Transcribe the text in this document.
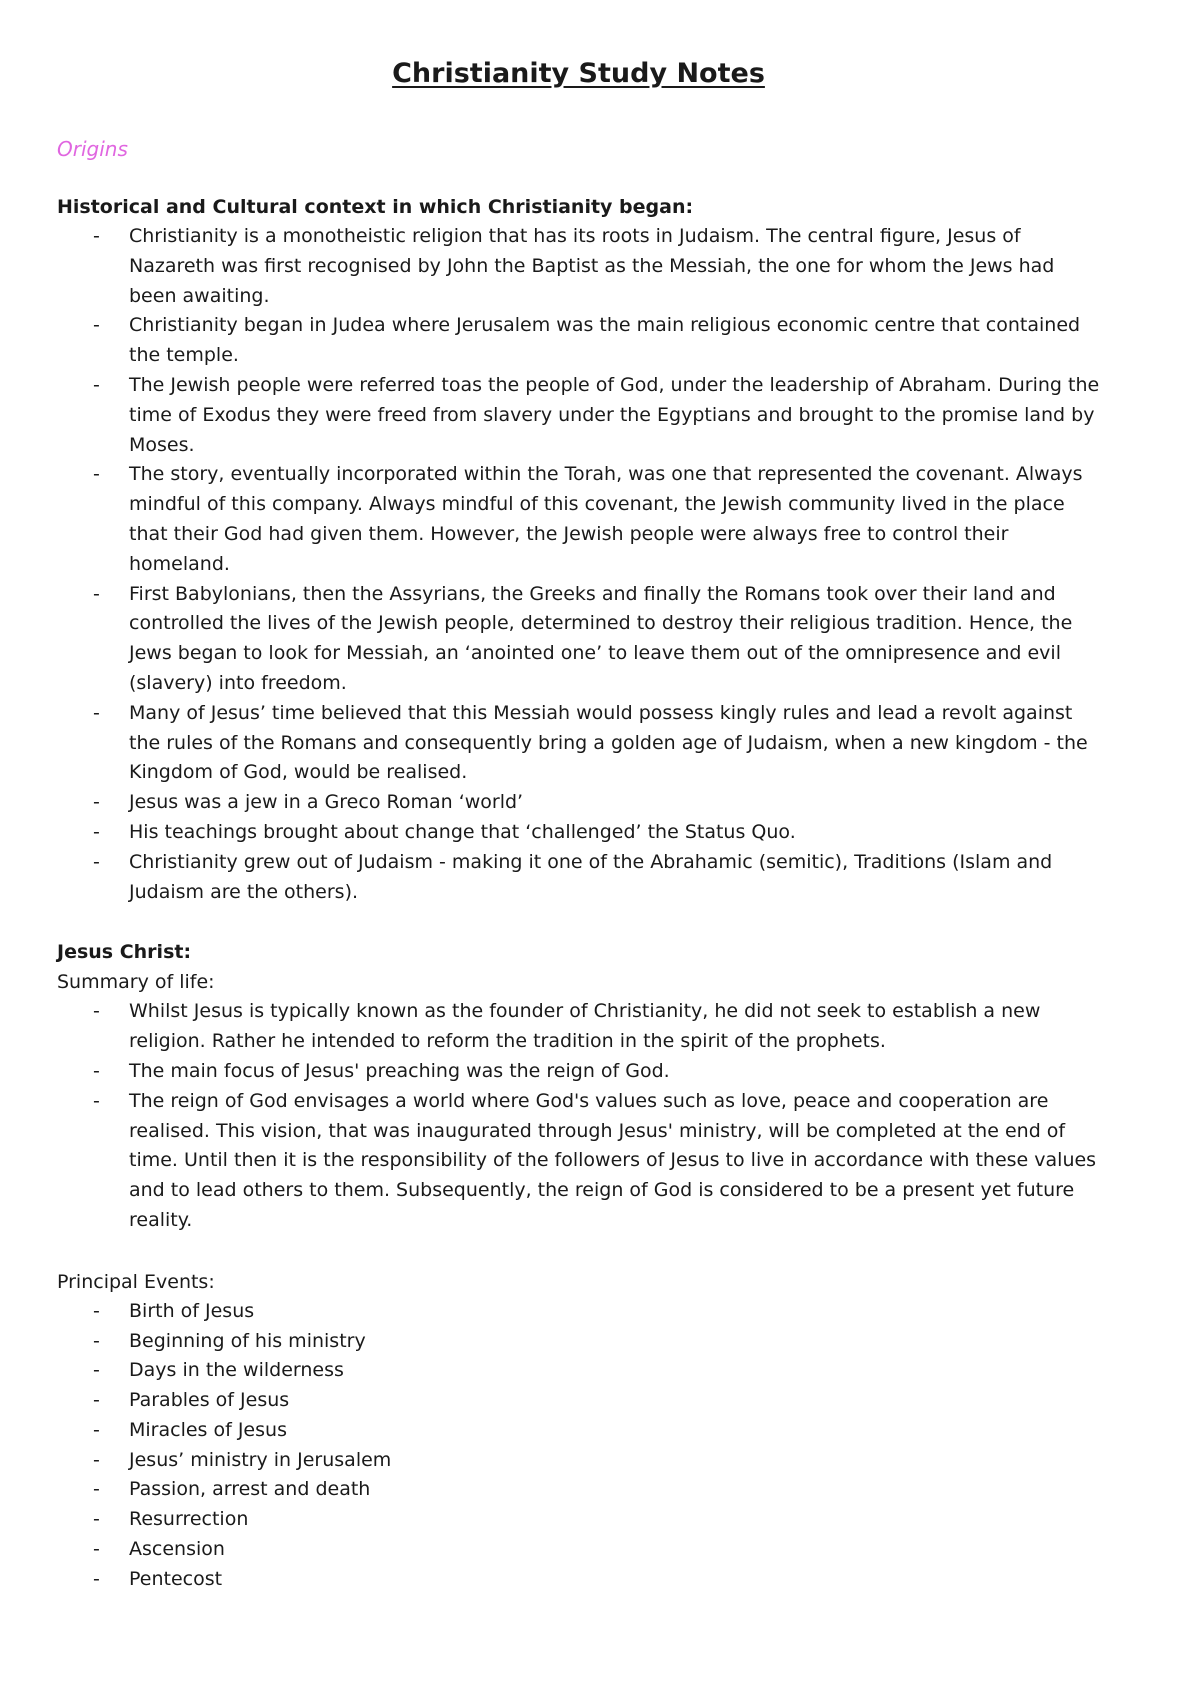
Christianity Study Notes
Origins
Historical and Cultural context in which Christianity began:
- Christianity is a monotheistic religion that has its roots in Judaism. The central figure, Jesus of Nazareth was first recognised by John the Baptist as the Messiah, the one for whom the Jews had been awaiting.
- Christianity began in Judea where Jerusalem was the main religious economic centre that contained the temple.
- The Jewish people were referred toas the people of God, under the leadership of Abraham. During the time of Exodus they were freed from slavery under the Egyptians and brought to the promise land by Moses.
- The story, eventually incorporated within the Torah, was one that represented the covenant. Always mindful of this company. Always mindful of this covenant, the Jewish community lived in the place that their God had given them. However, the Jewish people were always free to control their homeland.
- First Babylonians, then the Assyrians, the Greeks and finally the Romans took over their land and controlled the lives of the Jewish people, determined to destroy their religious tradition. Hence, the Jews began to look for Messiah, an ‘anointed one’ to leave them out of the omnipresence and evil (slavery) into freedom.
- Many of Jesus’ time believed that this Messiah would possess kingly rules and lead a revolt against the rules of the Romans and consequently bring a golden age of Judaism, when a new kingdom - the Kingdom of God, would be realised.
- Jesus was a jew in a Greco Roman ‘world’
- His teachings brought about change that ‘challenged’ the Status Quo.
- Christianity grew out of Judaism - making it one of the Abrahamic (semitic), Traditions (Islam and Judaism are the others).
Jesus Christ:
Summary of life:
- Whilst Jesus is typically known as the founder of Christianity, he did not seek to establish a new religion. Rather he intended to reform the tradition in the spirit of the prophets.
- The main focus of Jesus' preaching was the reign of God.
- The reign of God envisages a world where God's values such as love, peace and cooperation are realised. This vision, that was inaugurated through Jesus' ministry, will be completed at the end of time. Until then it is the responsibility of the followers of Jesus to live in accordance with these values and to lead others to them. Subsequently, the reign of God is considered to be a present yet future reality.
Principal Events:
- Birth of Jesus
- Beginning of his ministry
- Days in the wilderness
- Parables of Jesus
- Miracles of Jesus
- Jesus’ ministry in Jerusalem
- Passion, arrest and death
- Resurrection
- Ascension
- Pentecost
